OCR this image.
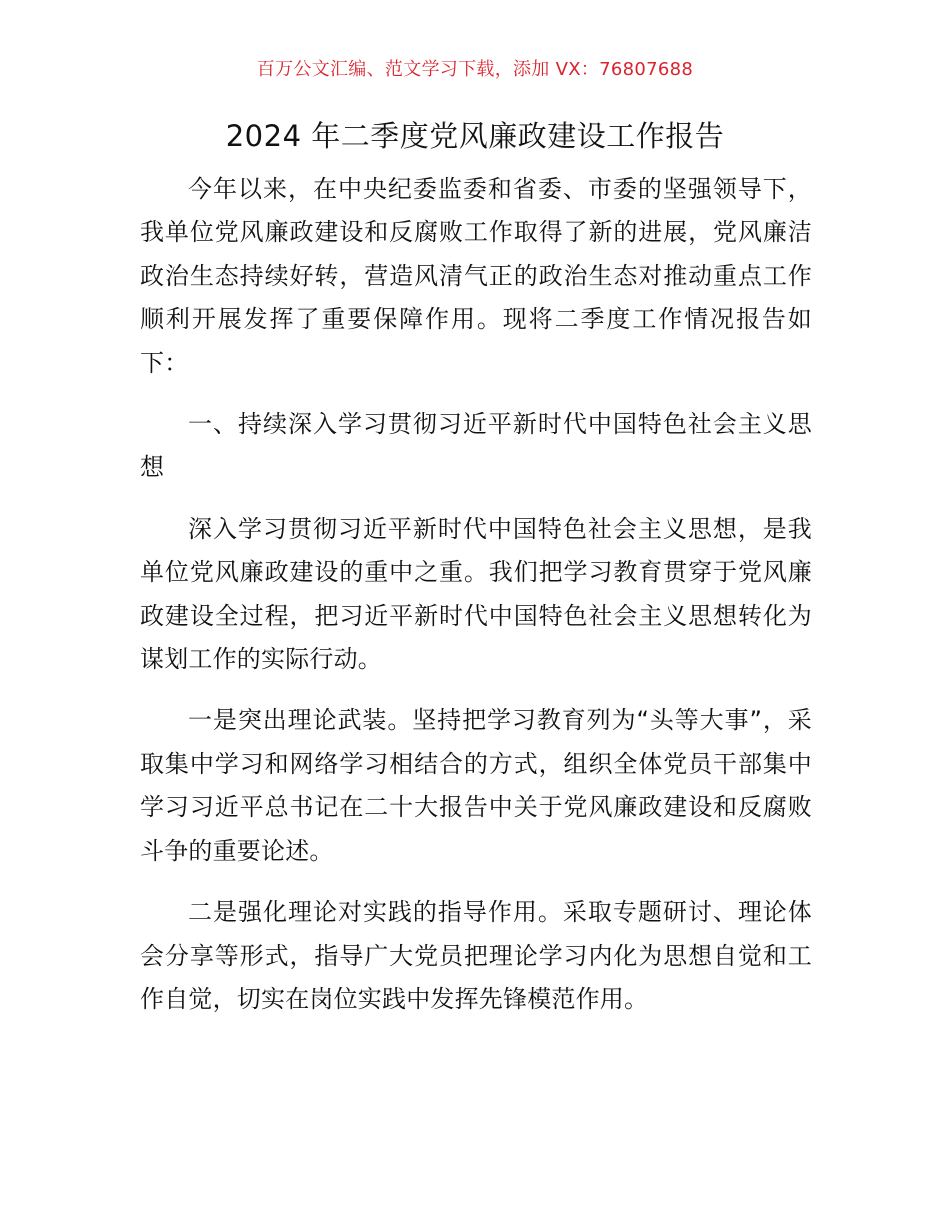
百万公文汇编、范文学习下载，添加 VX：76807688
2024 年二季度党风廉政建设工作报告

今年以来，在中央纪委监委和省委、市委的坚强领导下，我单位党风廉政建设和反腐败工作取得了新的进展，党风廉洁政治生态持续好转，营造风清气正的政治生态对推动重点工作顺利开展发挥了重要保障作用。现将二季度工作情况报告如下：

一、持续深入学习贯彻习近平新时代中国特色社会主义思想

深入学习贯彻习近平新时代中国特色社会主义思想，是我单位党风廉政建设的重中之重。我们把学习教育贯穿于党风廉政建设全过程，把习近平新时代中国特色社会主义思想转化为谋划工作的实际行动。

一是突出理论武装。坚持把学习教育列为“头等大事”，采取集中学习和网络学习相结合的方式，组织全体党员干部集中学习习近平总书记在二十大报告中关于党风廉政建设和反腐败斗争的重要论述。

二是强化理论对实践的指导作用。采取专题研讨、理论体会分享等形式，指导广大党员把理论学习内化为思想自觉和工作自觉，切实在岗位实践中发挥先锋模范作用。
